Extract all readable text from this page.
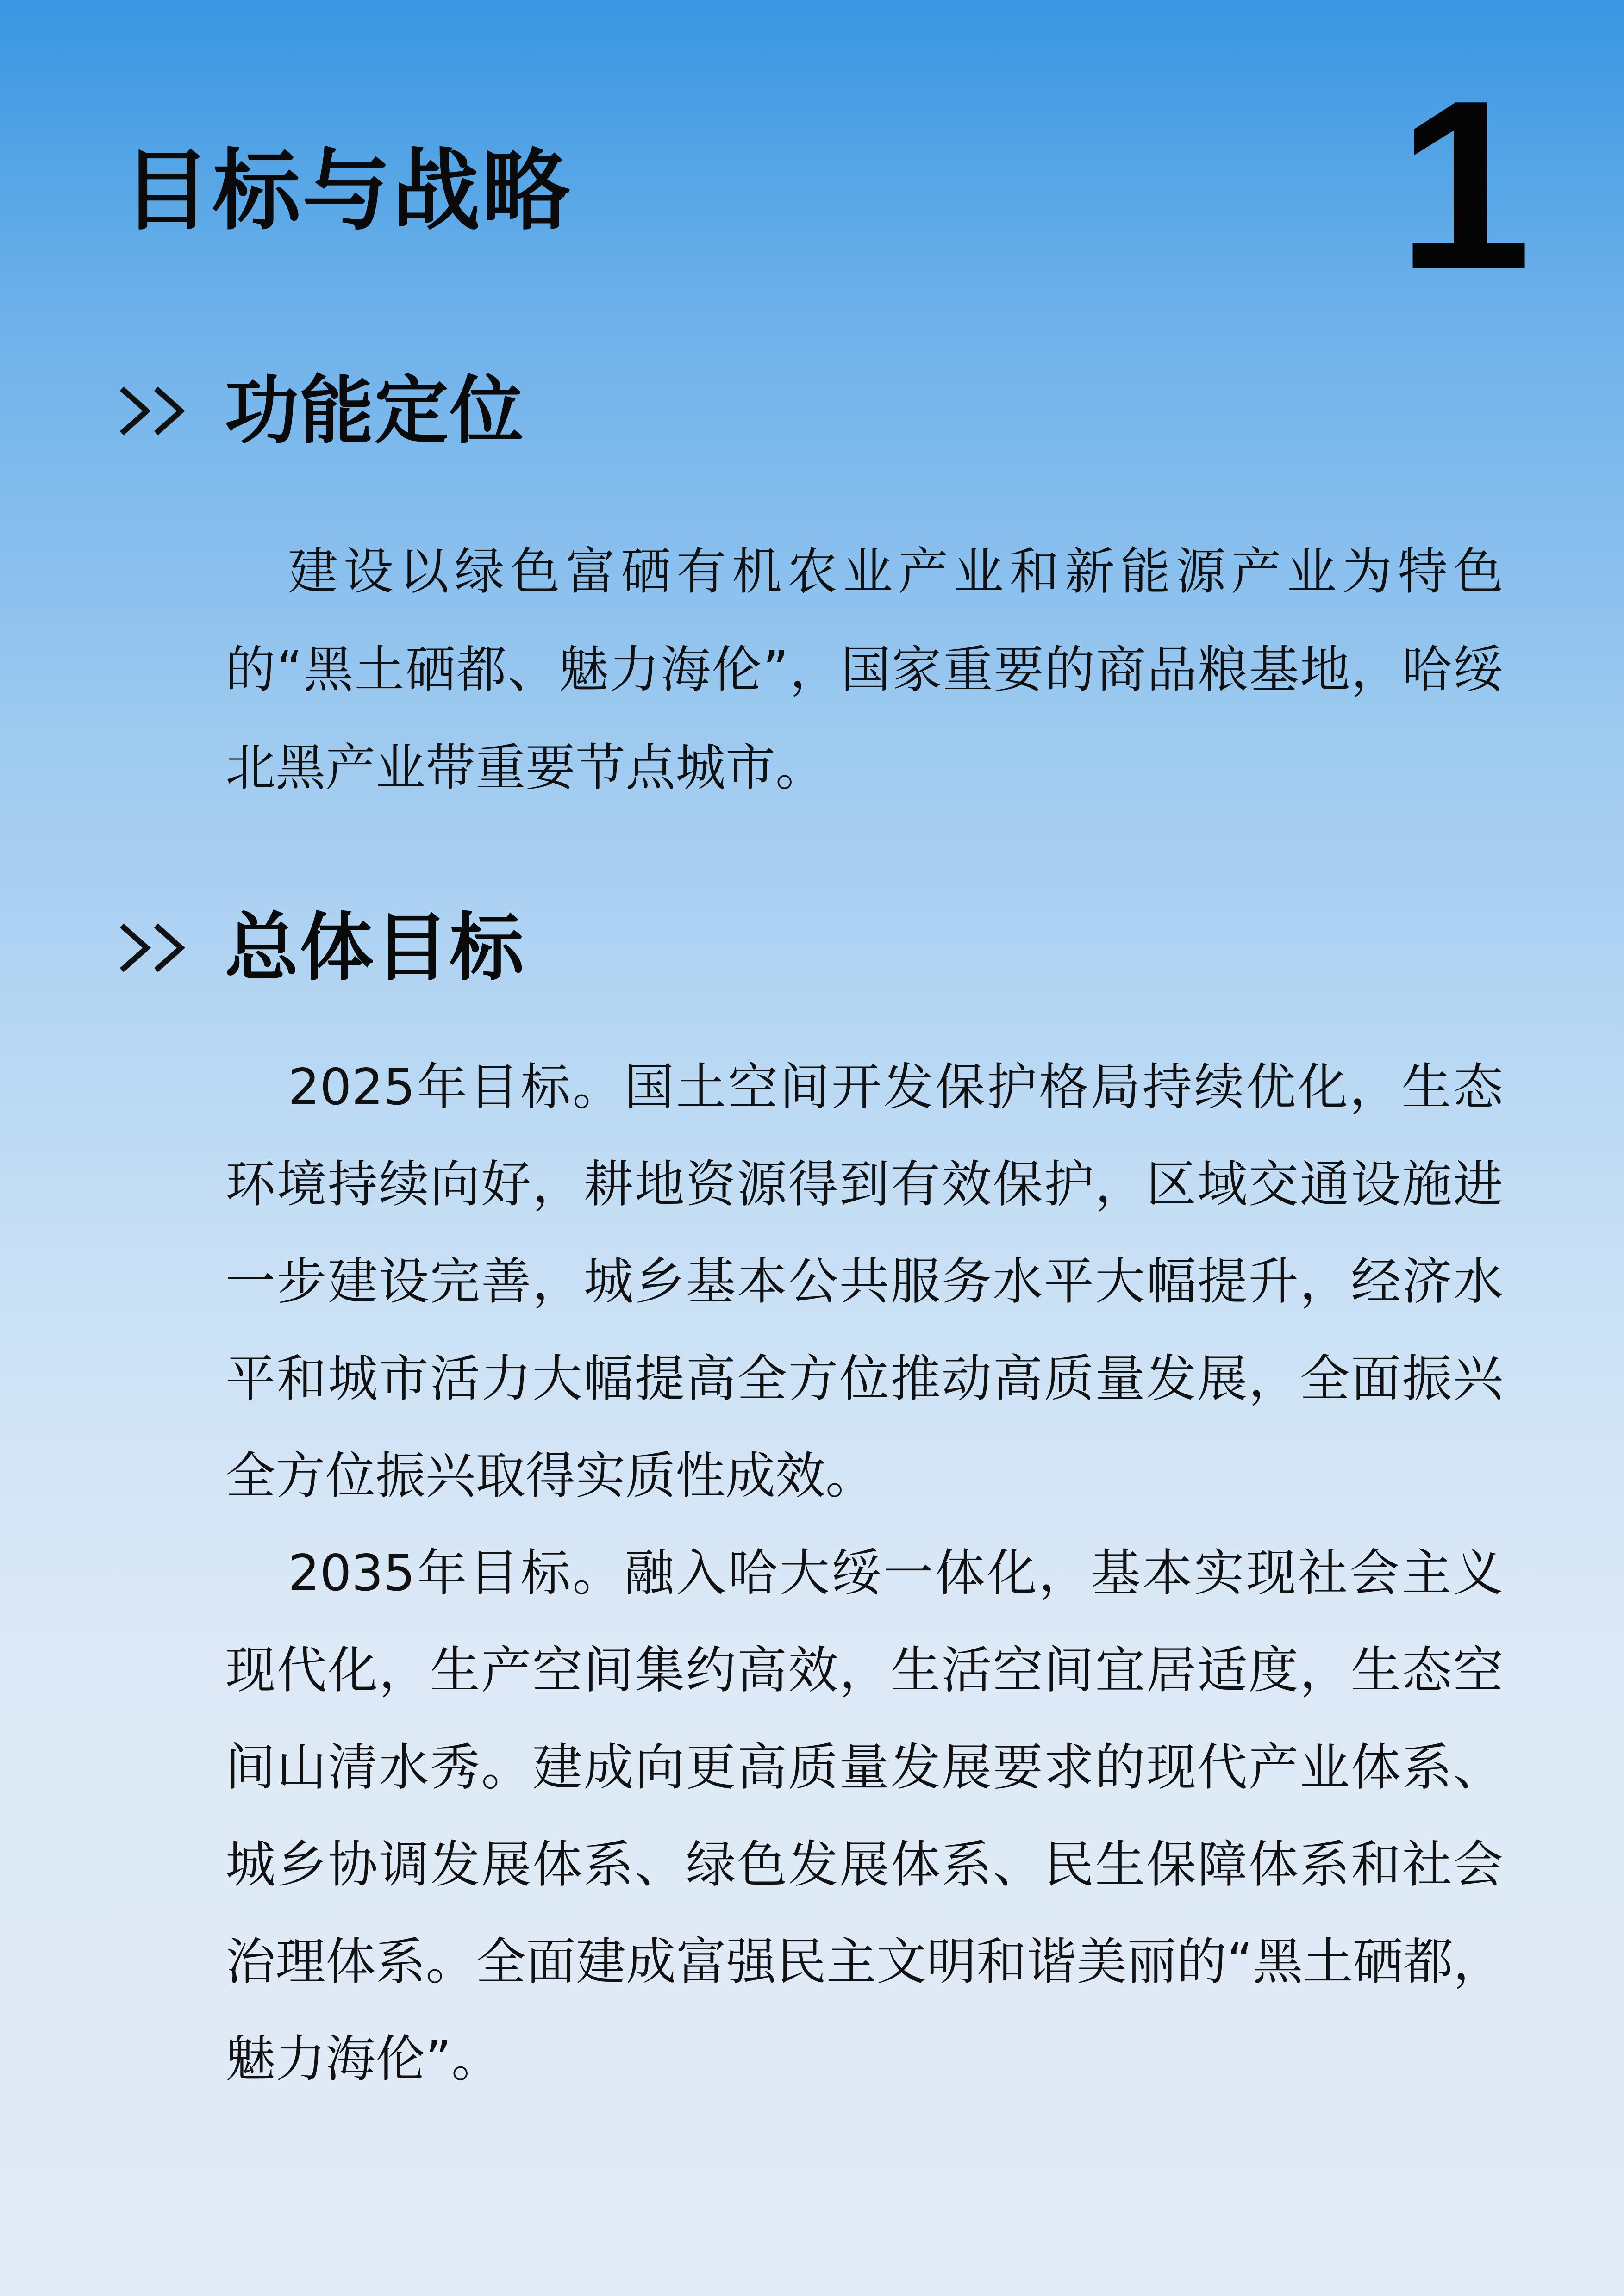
目标与战略	1
功能定位

建设以绿色富硒有机农业产业和新能源产业为特色的“黑土硒都、魅力海伦”，国家重要的商品粮基地，哈绥北黑产业带重要节点城市。

总体目标

2025年目标。国土空间开发保护格局持续优化，生态环境持续向好，耕地资源得到有效保护，区域交通设施进一步建设完善，城乡基本公共服务水平大幅提升，经济水平和城市活力大幅提高全方位推动高质量发展，全面振兴全方位振兴取得实质性成效。

2035年目标。融入哈大绥一体化，基本实现社会主义现代化，生产空间集约高效，生活空间宜居适度，生态空间山清水秀。建成向更高质量发展要求的现代产业体系、城乡协调发展体系、绿色发展体系、民生保障体系和社会治理体系。全面建成富强民主文明和谐美丽的“黑土硒都，魅力海伦”。
